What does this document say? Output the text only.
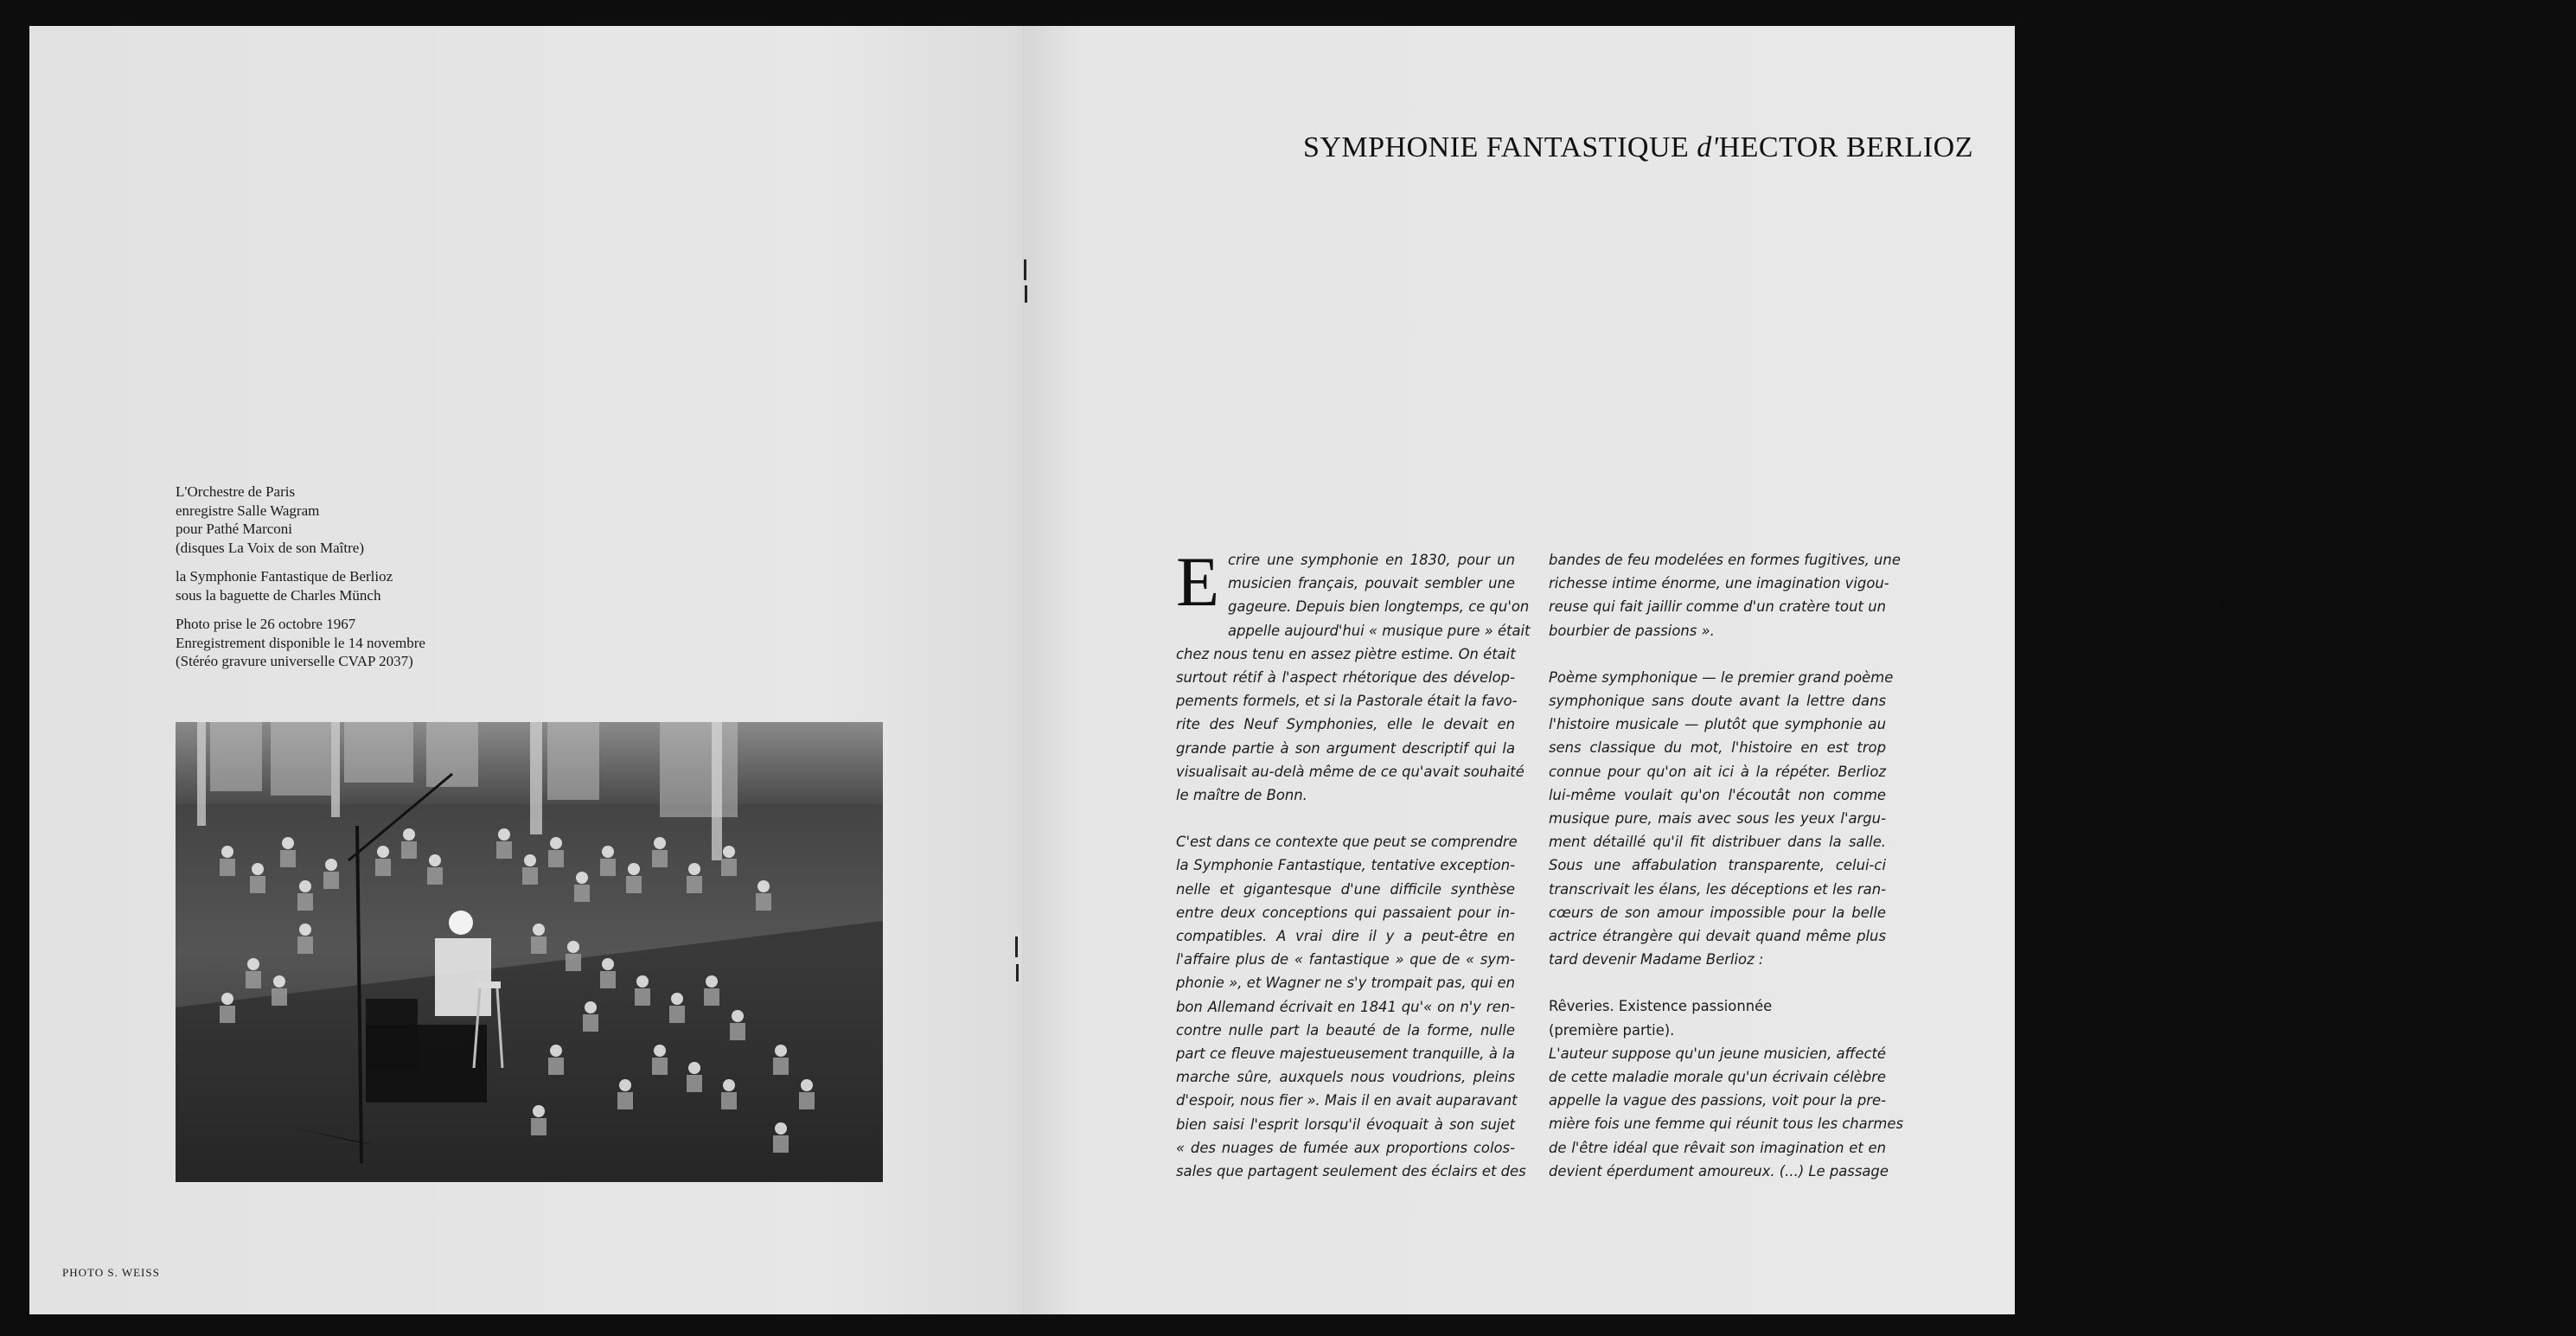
L'Orchestre de Paris
enregistre Salle Wagram
pour Pathé Marconi
(disques La Voix de son Maître)

la Symphonie Fantastique de Berlioz
sous la baguette de Charles Münch

Photo prise le 26 octobre 1967
Enregistrement disponible le 14 novembre
(Stéréo gravure universelle CVAP 2037)

PHOTO S. WEISS
SYMPHONIE FANTASTIQUE d'HECTOR BERLIOZ
© - Tous droits réservés.
E crire une symphonie en 1830, pour un
musicien français, pouvait sembler une
gageure. Depuis bien longtemps, ce qu'on
appelle aujourd'hui « musique pure » était
chez nous tenu en assez piètre estime. On était
surtout rétif à l'aspect rhétorique des dévelop-
pements formels, et si la Pastorale était la favo-
rite des Neuf Symphonies, elle le devait en
grande partie à son argument descriptif qui la
visualisait au-delà même de ce qu'avait souhaité
le maître de Bonn.
C'est dans ce contexte que peut se comprendre
la Symphonie Fantastique, tentative exception-
nelle et gigantesque d'une difficile synthèse
entre deux conceptions qui passaient pour in-
compatibles. A vrai dire il y a peut-être en
l'affaire plus de « fantastique » que de « sym-
phonie », et Wagner ne s'y trompait pas, qui en
bon Allemand écrivait en 1841 qu'« on n'y ren-
contre nulle part la beauté de la forme, nulle
part ce fleuve majestueusement tranquille, à la
marche sûre, auxquels nous voudrions, pleins
d'espoir, nous fier ». Mais il en avait auparavant
bien saisi l'esprit lorsqu'il évoquait à son sujet
« des nuages de fumée aux proportions colos-
sales que partagent seulement des éclairs et des
bandes de feu modelées en formes fugitives, une
richesse intime énorme, une imagination vigou-
reuse qui fait jaillir comme d'un cratère tout un
bourbier de passions ».
Poème symphonique — le premier grand poème
symphonique sans doute avant la lettre dans
l'histoire musicale — plutôt que symphonie au
sens classique du mot, l'histoire en est trop
connue pour qu'on ait ici à la répéter. Berlioz
lui-même voulait qu'on l'écoutât non comme
musique pure, mais avec sous les yeux l'argu-
ment détaillé qu'il fit distribuer dans la salle.
Sous une affabulation transparente, celui-ci
transcrivait les élans, les déceptions et les ran-
cœurs de son amour impossible pour la belle
actrice étrangère qui devait quand même plus
tard devenir Madame Berlioz :
Rêveries. Existence passionnée
(première partie).
L'auteur suppose qu'un jeune musicien, affecté
de cette maladie morale qu'un écrivain célèbre
appelle la vague des passions, voit pour la pre-
mière fois une femme qui réunit tous les charmes
de l'être idéal que rêvait son imagination et en
devient éperdument amoureux. (...) Le passage
